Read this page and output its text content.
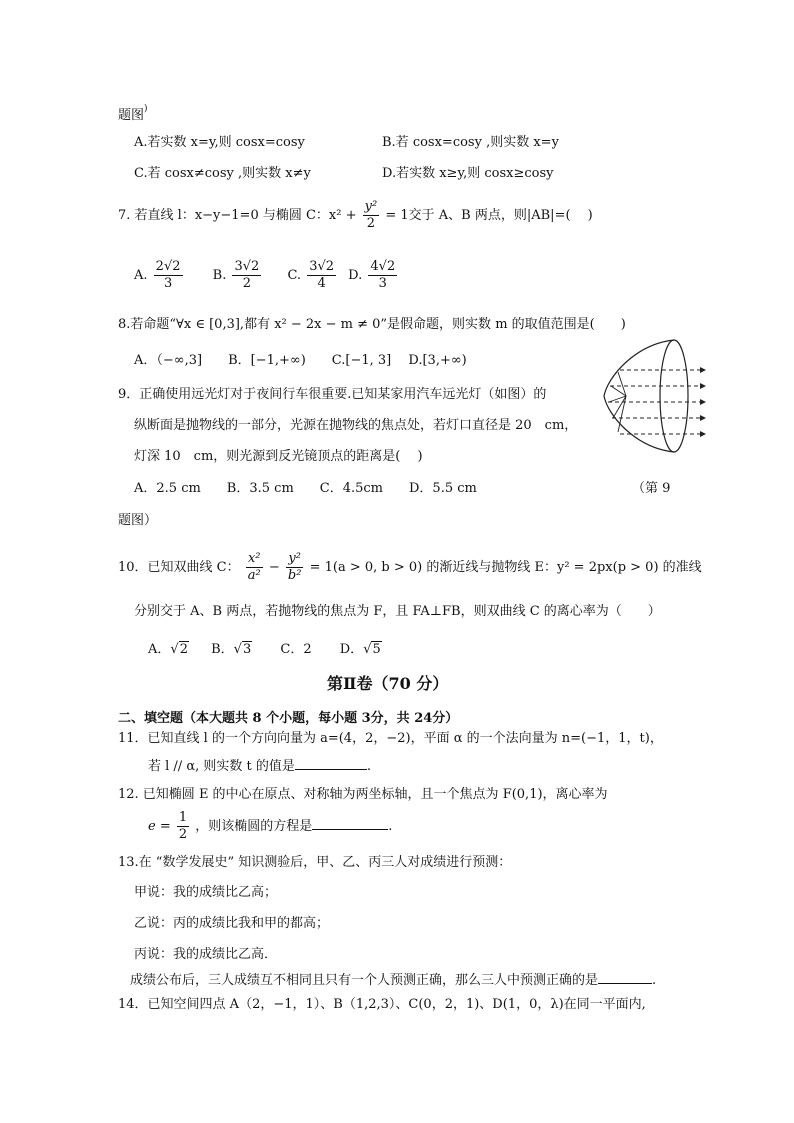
题图)
A.若实数 x=y,则 cosx=cosy	B.若 cosx=cosy ,则实数 x=y
C.若 cosx≠cosy ,则实数 x≠y	D.若实数 x≥y,则 cosx≥cosy
7. 若直线 l：x−y−1=0 与椭圆 C：$x^2 + \frac{\text{y²}}{2} = 1$交于 A、B 两点，则|AB|=(　 )
A. $\frac{2√2}{3} B$. $\frac{3√2}{2} C$. $\frac{3√2}{4} D$. $\frac{4√2}{3}$
8.若命题“∀x ∈ [0,3],都有 x² − 2x − m ≠ 0”是假命题，则实数 m 的取值范围是(　　)
A．（−∞,3]　　B．[−1,+∞)　　C.[−1, 3]　 D.[3,+∞)
9．正确使用远光灯对于夜间行车很重要.已知某家用汽车远光灯（如图）的
纵断面是抛物线的一部分，光源在抛物线的焦点处，若灯口直径是 20　cm，
灯深 10　cm，则光源到反光镜顶点的距离是(　 )
A．2.5 cm　　B．3.5 cm　　C．4.5cm　　D．5.5 cm	（第 9
题图）
10．已知双曲线 C： $\frac{\text{x²}}{\text{a²}} - \frac{\text{y²}}{\text{b²}} = 1(a > 0$, b > 0) 的渐近线与抛物线 E：y² = 2px(p > 0) 的准线
分别交于 A、B 两点，若抛物线的焦点为 F，且 FA⊥FB，则双曲线 C 的离心率为（　　）
A．√2 B．√3 C．2 D．√5
第Ⅱ卷（70 分）
二、填空题（本大题共 8 个小题，每小题 3分，共 24分）
11．已知直线 l 的一个方向向量为 a=(4，2，−2)，平面 α 的一个法向量为 n=(−1，1，t)，
若 l // α, 则实数 t 的值是	.
12. 已知椭圆 E 的中心在原点、对称轴为两坐标轴，且一个焦点为 F(0,1)，离心率为
$e = \frac{1}{2}$ ，则该椭圆的方程是	.
13.在 “数学发展史” 知识测验后，甲、乙、丙三人对成绩进行预测：
甲说：我的成绩比乙高；
乙说：丙的成绩比我和甲的都高；
丙说：我的成绩比乙高．
成绩公布后，三人成绩互不相同且只有一个人预测正确，那么三人中预测正确的是	.
14．已知空间四点 A（2，−1，1）、B（1,2,3）、C(0，2，1)、D(1，0，λ)在同一平面内,
